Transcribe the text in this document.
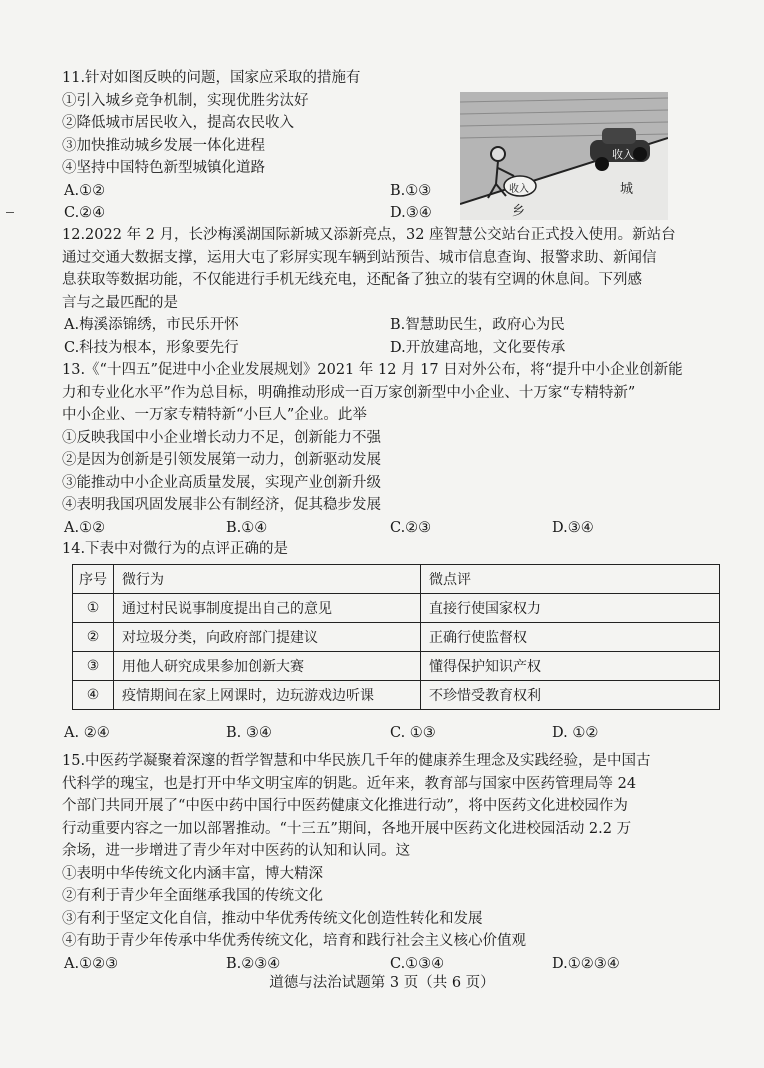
11.针对如图反映的问题，国家应采取的措施有
①引入城乡竞争机制，实现优胜劣汰好
②降低城市居民收入，提高农民收入
③加快推动城乡发展一体化进程
④坚持中国特色新型城镇化道路
A.①②	B.①③
C.②④	D.③④
收入
城
收入
乡
12.2022 年 2 月，长沙梅溪湖国际新城又添新亮点，32 座智慧公交站台正式投入使用。新站台
通过交通大数据支撑，运用大屯了彩屏实现车辆到站预告、城市信息查询、报警求助、新闻信
息获取等数据功能，不仅能进行手机无线充电，还配备了独立的装有空调的休息间。下列感
言与之最匹配的是
A.梅溪添锦绣，市民乐开怀	B.智慧助民生，政府心为民
C.科技为根本，形象要先行	D.开放建高地，文化要传承
13.《“十四五”促进中小企业发展规划》2021 年 12 月 17 日对外公布，将“提升中小企业创新能
力和专业化水平”作为总目标，明确推动形成一百万家创新型中小企业、十万家“专精特新”
中小企业、一万家专精特新“小巨人”企业。此举
①反映我国中小企业增长动力不足，创新能力不强
②是因为创新是引领发展第一动力，创新驱动发展
③能推动中小企业高质量发展，实现产业创新升级
④表明我国巩固发展非公有制经济，促其稳步发展
A.①②	B.①④	C.②③	D.③④
14.下表中对微行为的点评正确的是
序号	微行为	微点评
①	通过村民说事制度提出自己的意见	直接行使国家权力
②	对垃圾分类，向政府部门提建议	正确行使监督权
③	用他人研究成果参加创新大赛	懂得保护知识产权
④	疫情期间在家上网课时，边玩游戏边听课	不珍惜受教育权利
A. ②④	B. ③④	C. ①③	D. ①②
15.中医药学凝聚着深邃的哲学智慧和中华民族几千年的健康养生理念及实践经验，是中国古
代科学的瑰宝，也是打开中华文明宝库的钥匙。近年来，教育部与国家中医药管理局等 24
个部门共同开展了“中医中药中国行中医药健康文化推进行动”，将中医药文化进校园作为
行动重要内容之一加以部署推动。“十三五”期间，各地开展中医药文化进校园活动 2.2 万
余场，进一步增进了青少年对中医药的认知和认同。这
①表明中华传统文化内涵丰富，博大精深
②有利于青少年全面继承我国的传统文化
③有利于坚定文化自信，推动中华优秀传统文化创造性转化和发展
④有助于青少年传承中华优秀传统文化，培育和践行社会主义核心价值观
A.①②③	B.②③④	C.①③④	D.①②③④
道德与法治试题第 3 页（共 6 页）
